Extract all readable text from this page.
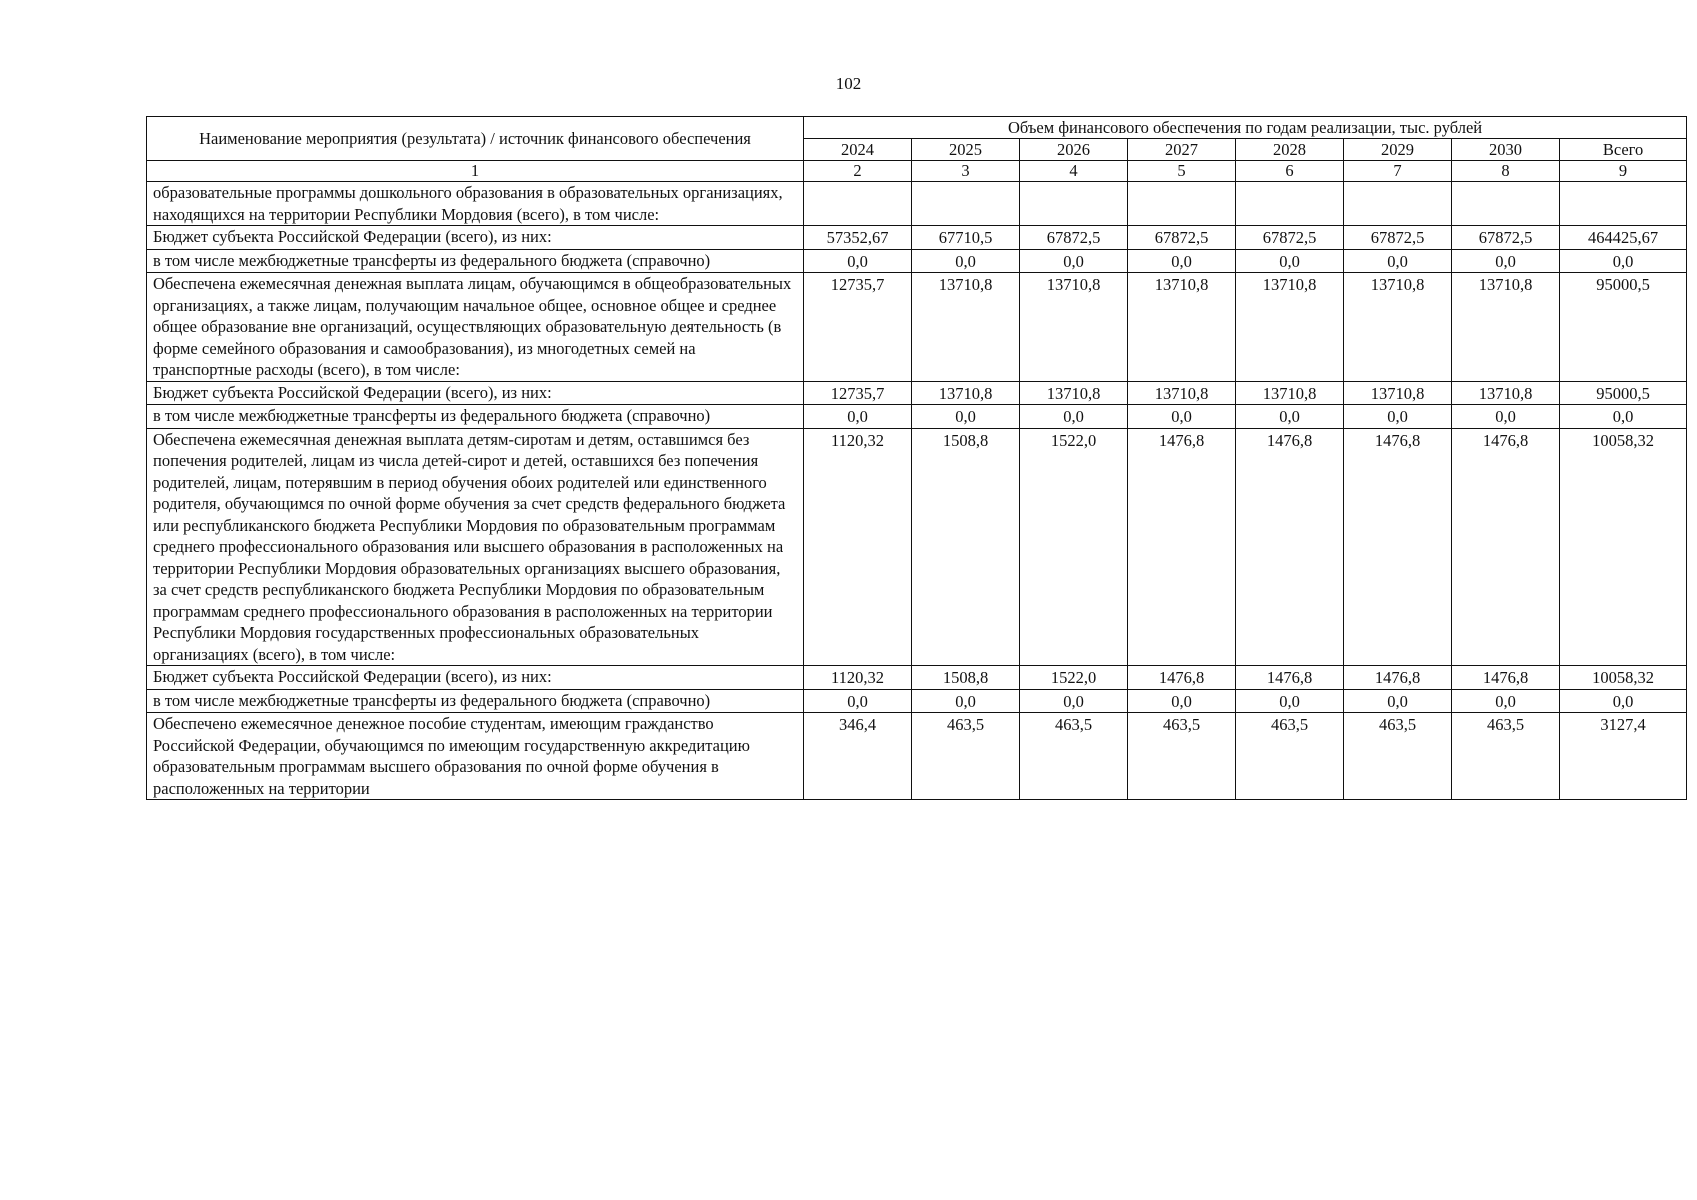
102
Наименование мероприятия (результата) / источник финансового обеспечения	Объем финансового обеспечения по годам реализации, тыс. рублей							
	2024	2025	2026	2027	2028	2029	2030	Всего
1	2	3	4	5	6	7	8	9
образовательные программы дошкольного образования в образовательных организациях, находящихся на территории Республики Мордовия (всего), в том числе:								
Бюджет субъекта Российской Федерации (всего), из них:	57352,67	67710,5	67872,5	67872,5	67872,5	67872,5	67872,5	464425,67
в том числе межбюджетные трансферты из федерального бюджета (справочно)	0,0	0,0	0,0	0,0	0,0	0,0	0,0	0,0
Обеспечена ежемесячная денежная выплата лицам, обучающимся в общеобразовательных организациях, а также лицам, получающим начальное общее, основное общее и среднее общее образование вне организаций, осуществляющих образовательную деятельность (в форме семейного образования и самообразования), из многодетных семей на транспортные расходы (всего), в том числе:	12735,7	13710,8	13710,8	13710,8	13710,8	13710,8	13710,8	95000,5
Бюджет субъекта Российской Федерации (всего), из них:	12735,7	13710,8	13710,8	13710,8	13710,8	13710,8	13710,8	95000,5
в том числе межбюджетные трансферты из федерального бюджета (справочно)	0,0	0,0	0,0	0,0	0,0	0,0	0,0	0,0
Обеспечена ежемесячная денежная выплата детям-сиротам и детям, оставшимся без попечения родителей, лицам из числа детей-сирот и детей, оставшихся без попечения родителей, лицам, потерявшим в период обучения обоих родителей или единственного родителя, обучающимся по очной форме обучения за счет средств федерального бюджета или республиканского бюджета Республики Мордовия по образовательным программам среднего профессионального образования или высшего образования в расположенных на территории Республики Мордовия образовательных организациях высшего образования, за счет средств республиканского бюджета Республики Мордовия по образовательным программам среднего профессионального образования в расположенных на территории Республики Мордовия государственных профессиональных образовательных организациях (всего), в том числе:	1120,32	1508,8	1522,0	1476,8	1476,8	1476,8	1476,8	10058,32
Бюджет субъекта Российской Федерации (всего), из них:	1120,32	1508,8	1522,0	1476,8	1476,8	1476,8	1476,8	10058,32
в том числе межбюджетные трансферты из федерального бюджета (справочно)	0,0	0,0	0,0	0,0	0,0	0,0	0,0	0,0
Обеспечено ежемесячное денежное пособие студентам, имеющим гражданство Российской Федерации, обучающимся по имеющим государственную аккредитацию образовательным программам высшего образования по очной форме обучения в расположенных на территории	346,4	463,5	463,5	463,5	463,5	463,5	463,5	3127,4
